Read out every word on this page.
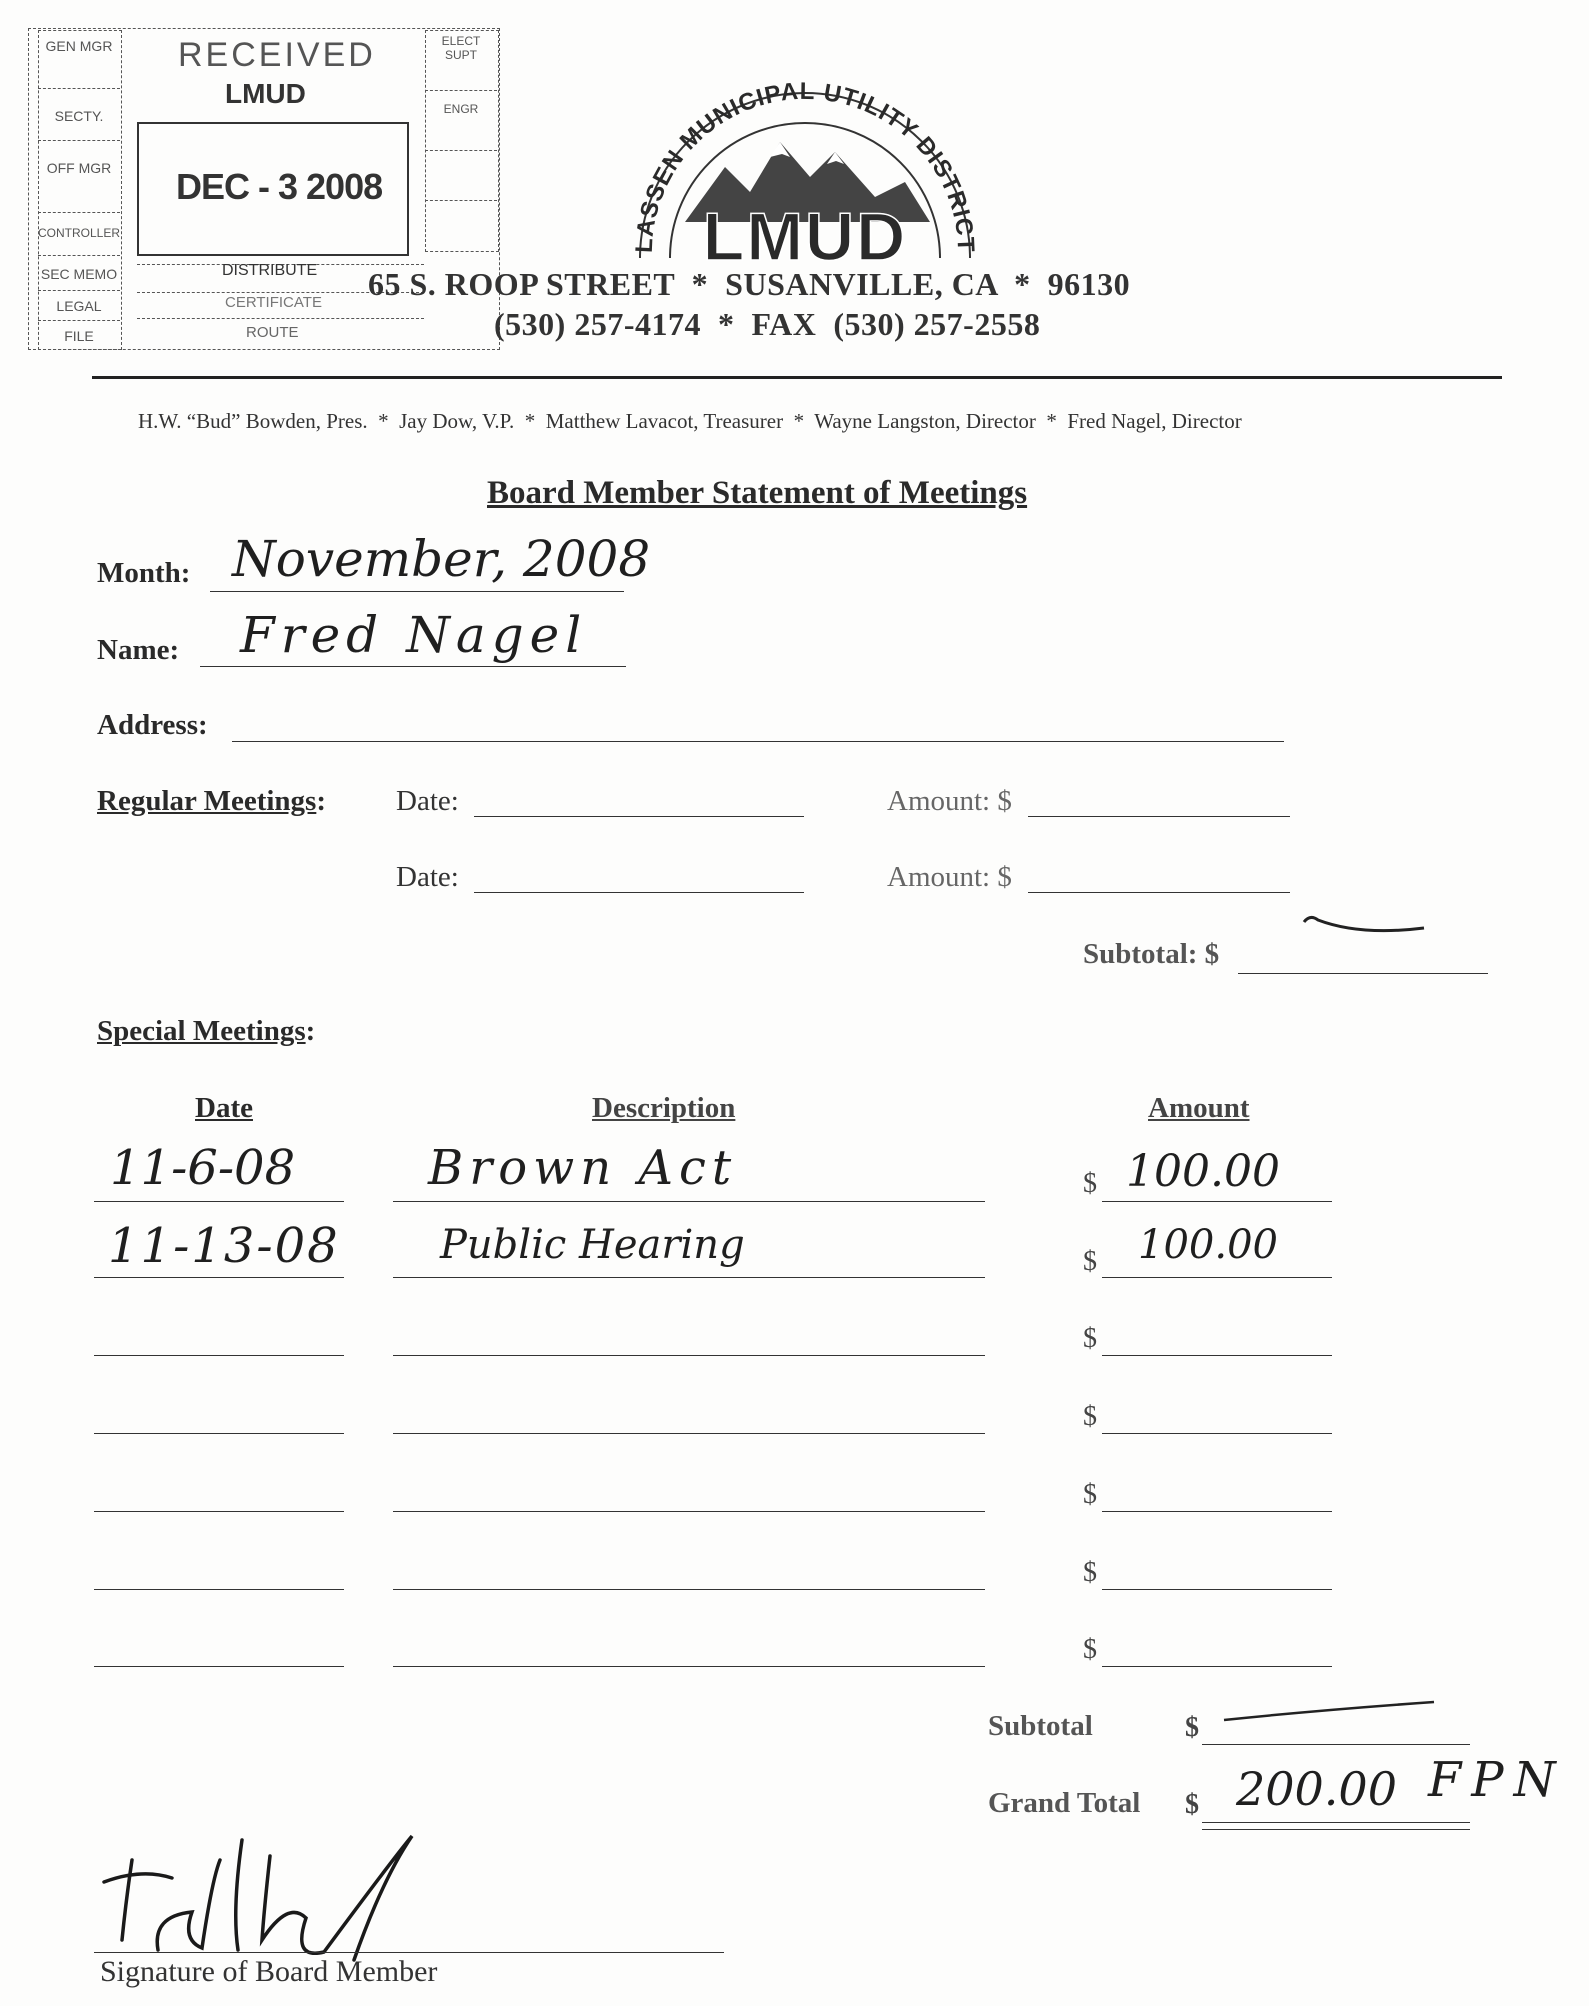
GEN MGR
SECTY.
OFF MGR
CONTROLLER
SEC MEMO
LEGAL
FILE
ELECT SUPT
ENGR
RECEIVED
LMUD
DEC - 3 2008
DISTRIBUTE
CERTIFICATE
ROUTE
LASSEN MUNICIPAL UTILITY DISTRICT
LMUD
65 S. ROOP STREET  *  SUSANVILLE, CA  *  96130
(530) 257-4174  *  FAX  (530) 257-2558
H.W. “Bud” Bowden, Pres.  *  Jay Dow, V.P.  *  Matthew Lavacot, Treasurer  *  Wayne Langston, Director  *  Fred Nagel, Director
Board Member Statement of Meetings
Month: November, 2008
Name: Fred Nagel
Address:
Regular Meetings: Date:	Amount: $
Date:	Amount: $
Subtotal: $
Special Meetings:
Date	Description	Amount
11-6-08	Brown Act	$ 100.00
11-13-08	Public Hearing	$ 100.00
$
$
$
$
$
Subtotal	$
Grand Total $ 200.00 FPN
Signature of Board Member
